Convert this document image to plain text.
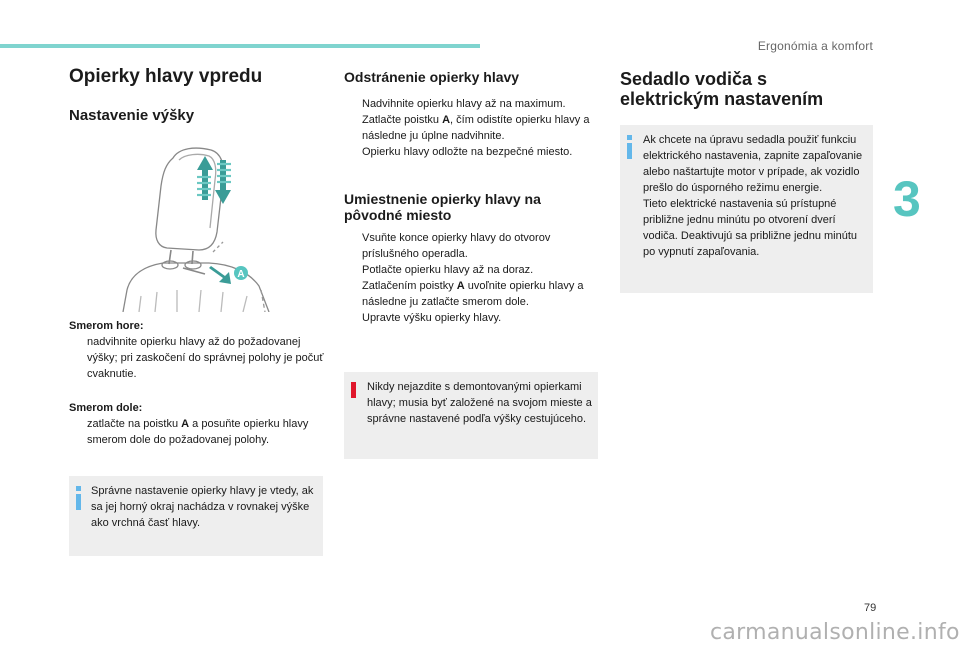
Ergonómia a komfort
3
Opierky hlavy vpredu
Nastavenie výšky
A
Smerom hore:
nadvihnite opierku hlavy až do požadovanej výšky; pri zaskočení do správnej polohy je počuť cvaknutie.
Smerom dole:
zatlačte na poistku A a posuňte opierku hlavy smerom dole do požadovanej polohy.
Správne nastavenie opierky hlavy je vtedy, ak sa jej horný okraj nachádza v rovnakej výške ako vrchná časť hlavy.
Odstránenie opierky hlavy
Nadvihnite opierku hlavy až na maximum.
Zatlačte poistku A, čím odistíte opierku hlavy a následne ju úplne nadvihnite.
Opierku hlavy odložte na bezpečné miesto.
Umiestnenie opierky hlavy na pôvodné miesto
Vsuňte konce opierky hlavy do otvorov príslušného operadla.
Potlačte opierku hlavy až na doraz.
Zatlačením poistky A uvoľnite opierku hlavy a následne ju zatlačte smerom dole.
Upravte výšku opierky hlavy.
Nikdy nejazdite s demontovanými opierkami hlavy; musia byť založené na svojom mieste a správne nastavené podľa výšky cestujúceho.
Sedadlo vodiča s elektrickým nastavením
Ak chcete na úpravu sedadla použiť funkciu elektrického nastavenia, zapnite zapaľovanie alebo naštartujte motor v prípade, ak vozidlo prešlo do úsporného režimu energie.
Tieto elektrické nastavenia sú prístupné približne jednu minútu po otvorení dverí vodiča. Deaktivujú sa približne jednu minútu po vypnutí zapaľovania.
79
carmanualsonline.info
